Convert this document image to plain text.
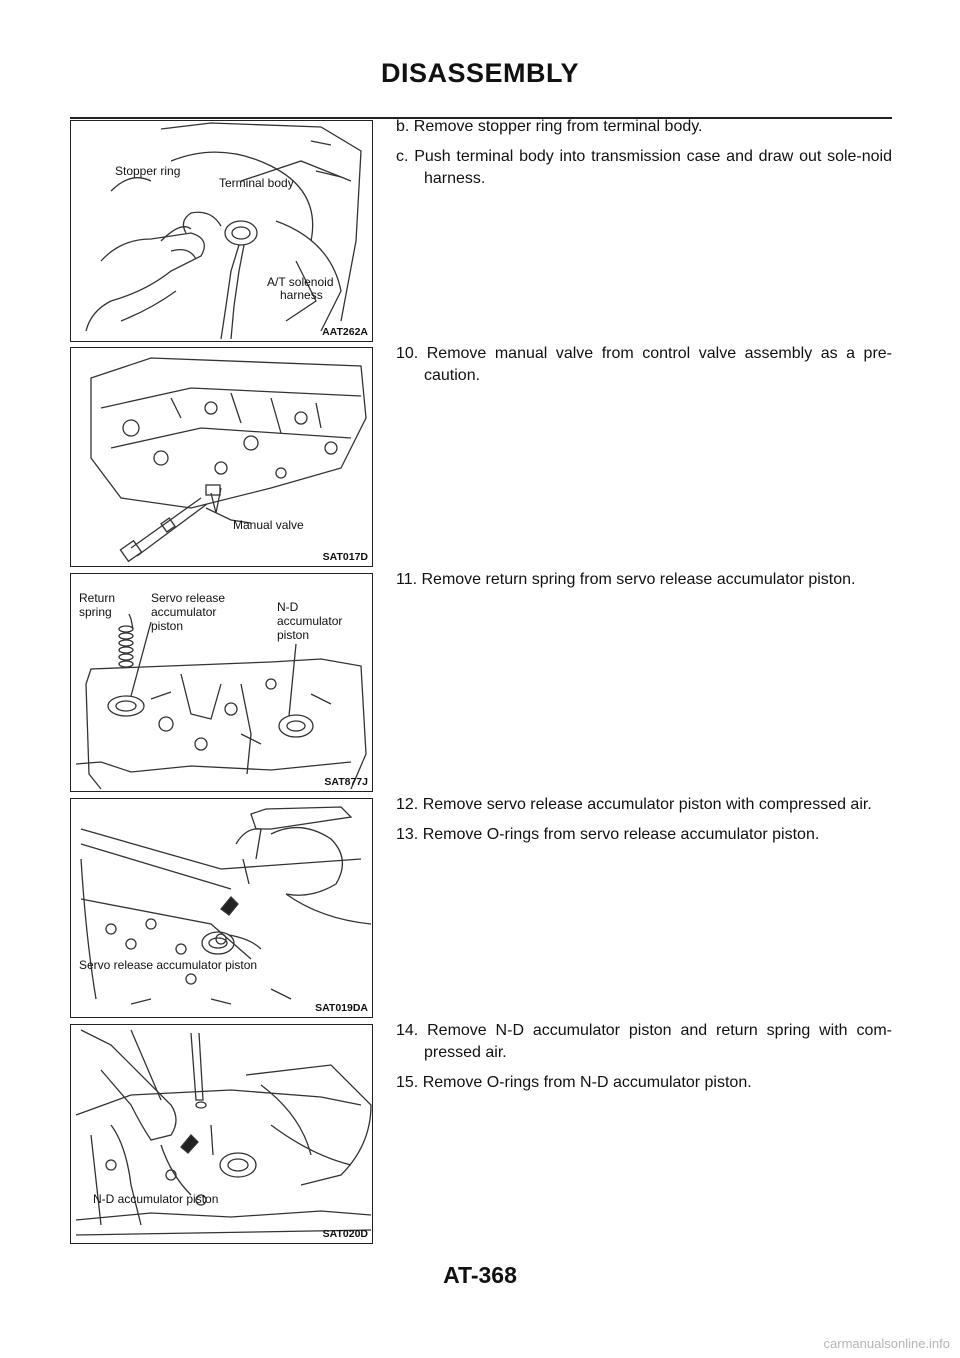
DISASSEMBLY
Stopper ring
Terminal body
A/T solenoid
harness
AAT262A

b. Remove stopper ring from terminal body.

c. Push terminal body into transmission case and draw out sole-noid harness.

Manual valve
SAT017D

10. Remove manual valve from control valve assembly as a pre-caution.

Return
spring
Servo release
accumulator
piston
N-D
accumulator
piston
SAT877J

11. Remove return spring from servo release accumulator piston.

Servo release accumulator piston
SAT019DA

12. Remove servo release accumulator piston with compressed air.

13. Remove O-rings from servo release accumulator piston.

N-D accumulator piston
SAT020D

14. Remove N-D accumulator piston and return spring with com-pressed air.

15. Remove O-rings from N-D accumulator piston.

AT-368
carmanualsonline.info
